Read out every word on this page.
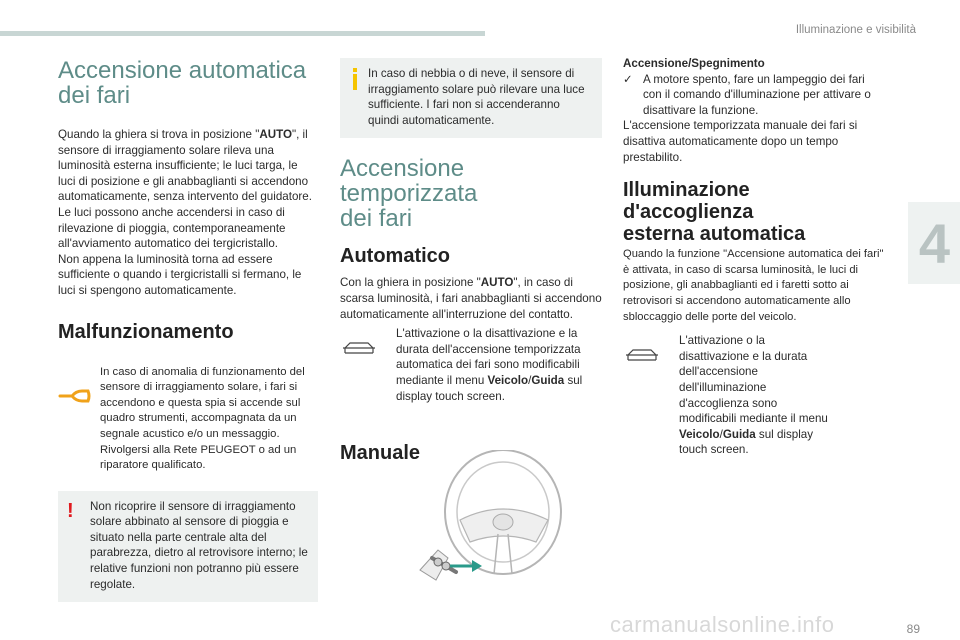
Illuminazione e visibilità
4
Accensione automatica
dei fari

Quando la ghiera si trova in posizione "AUTO", il sensore di irraggiamento solare rileva una luminosità esterna insufficiente; le luci targa, le luci di posizione e gli anabbaglianti si accendono automaticamente, senza intervento del guidatore. Le luci possono anche accendersi in caso di rilevazione di pioggia, contemporaneamente all'avviamento automatico dei tergicristallo.
Non appena la luminosità torna ad essere sufficiente o quando i tergicristalli si fermano, le luci si spengono automaticamente.

Malfunzionamento

In caso di anomalia di funzionamento del sensore di irraggiamento solare, i fari si accendono e questa spia si accende sul quadro strumenti, accompagnata da un segnale acustico e/o un messaggio. Rivolgersi alla Rete PEUGEOT o ad un riparatore qualificato.

! Non ricoprire il sensore di irraggiamento solare abbinato al sensore di pioggia e situato nella parte centrale alta del parabrezza, dietro al retrovisore interno; le relative funzioni non potranno più essere regolate.

In caso di nebbia o di neve, il sensore di irraggiamento solare può rilevare una luce sufficiente. I fari non si accenderanno quindi automaticamente.

Accensione temporizzata
dei fari
Automatico

Con la ghiera in posizione "AUTO", in caso di scarsa luminosità, i fari anabbaglianti si accendono automaticamente all'interruzione del contatto.

L'attivazione o la disattivazione e la durata dell'accensione temporizzata automatica dei fari sono modificabili mediante il menu Veicolo/Guida sul display touch screen.

Manuale

Accensione/Spegnimento

✓ A motore spento, fare un lampeggio dei fari con il comando d'illuminazione per attivare o disattivare la funzione.

L'accensione temporizzata manuale dei fari si disattiva automaticamente dopo un tempo prestabilito.

Illuminazione d'accoglienza
esterna automatica

Quando la funzione "Accensione automatica dei fari" è attivata, in caso di scarsa luminosità, le luci di posizione, gli anabbaglianti ed i faretti sotto ai retrovisori si accendono automaticamente allo sbloccaggio delle porte del veicolo.

L'attivazione o la disattivazione e la durata dell'accensione dell'illuminazione d'accoglienza sono modificabili mediante il menu Veicolo/Guida sul display touch screen.

89
carmanualsonline.info
